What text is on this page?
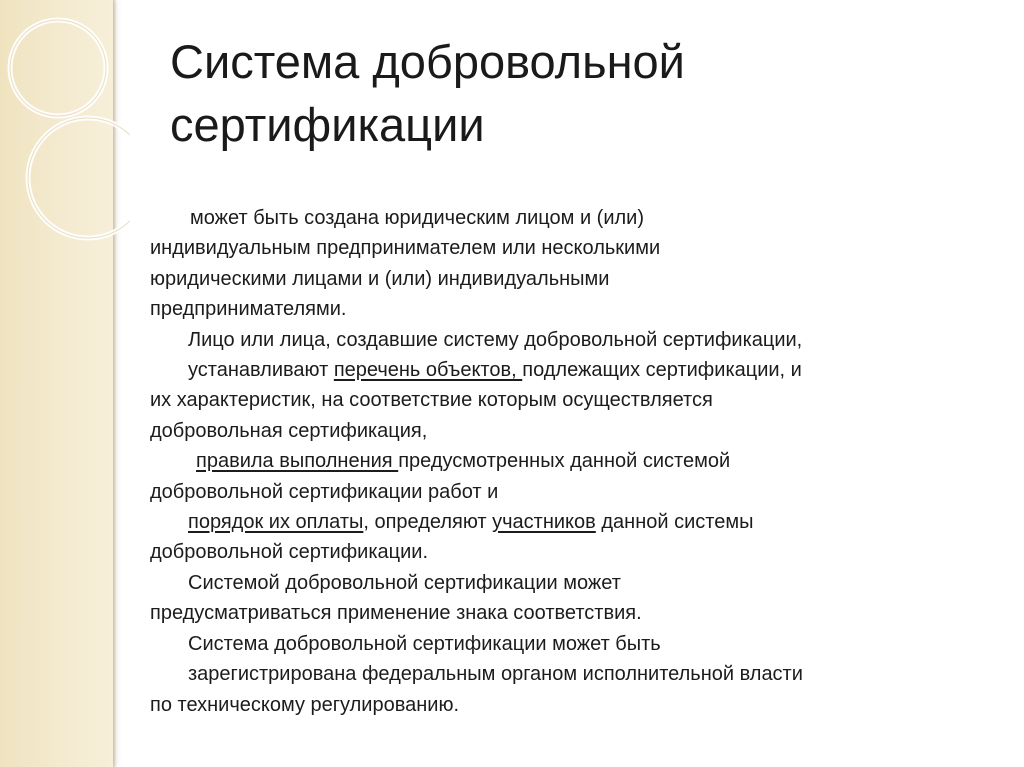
Система добровольной
сертификации
может быть создана юридическим лицом и (или)
индивидуальным предпринимателем или несколькими
юридическими лицами и (или) индивидуальными
предпринимателями.
Лицо или лица, создавшие систему добровольной сертификации,
устанавливают перечень объектов, подлежащих сертификации, и
их характеристик, на соответствие которым осуществляется
добровольная сертификация,
правила выполнения предусмотренных данной системой
добровольной сертификации работ и
порядок их оплаты, определяют участников данной системы
добровольной сертификации.
Системой добровольной сертификации может
предусматриваться применение знака соответствия.
Система добровольной сертификации может быть
зарегистрирована федеральным органом исполнительной власти
по техническому регулированию.
